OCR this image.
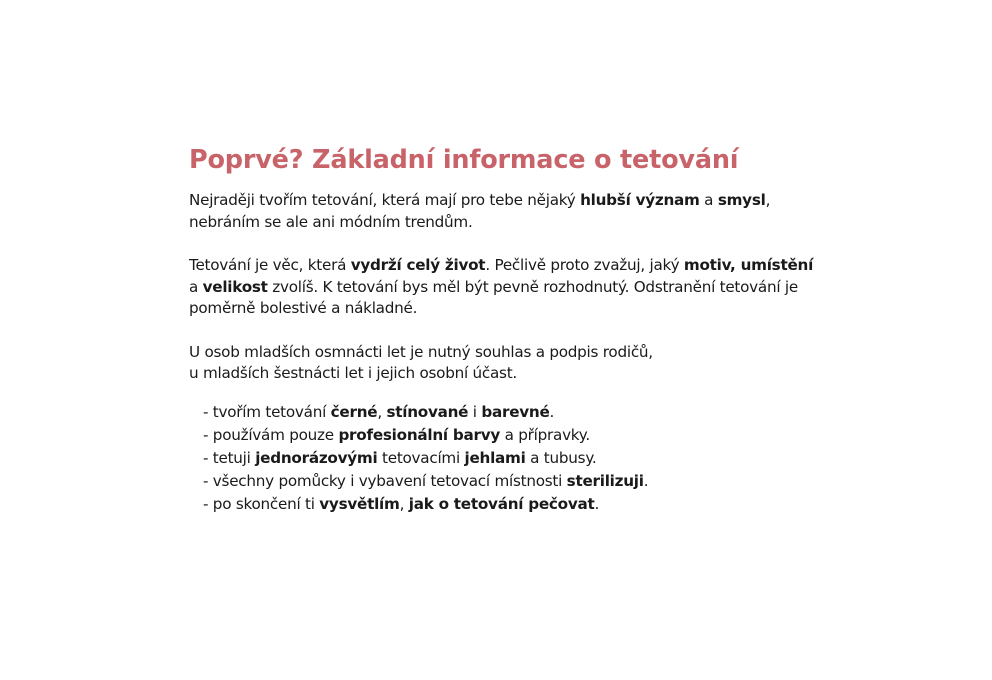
Poprvé? Základní informace o tetování

Nejraději tvořím tetování, která mají pro tebe nějaký hlubší význam a smysl,
nebráním se ale ani módním trendům.

Tetování je věc, která vydrží celý život. Pečlivě proto zvažuj, jaký motiv, umístění
a velikost zvolíš. K tetování bys měl být pevně rozhodnutý. Odstranění tetování je
poměrně bolestivé a nákladné.

U osob mladších osmnácti let je nutný souhlas a podpis rodičů,
u mladších šestnácti let i jejich osobní účast.

- tvořím tetování černé, stínované i barevné.
- používám pouze profesionální barvy a přípravky.
- tetuji jednorázovými tetovacími jehlami a tubusy.
- všechny pomůcky i vybavení tetovací místnosti sterilizuji.
- po skončení ti vysvětlím, jak o tetování pečovat.
